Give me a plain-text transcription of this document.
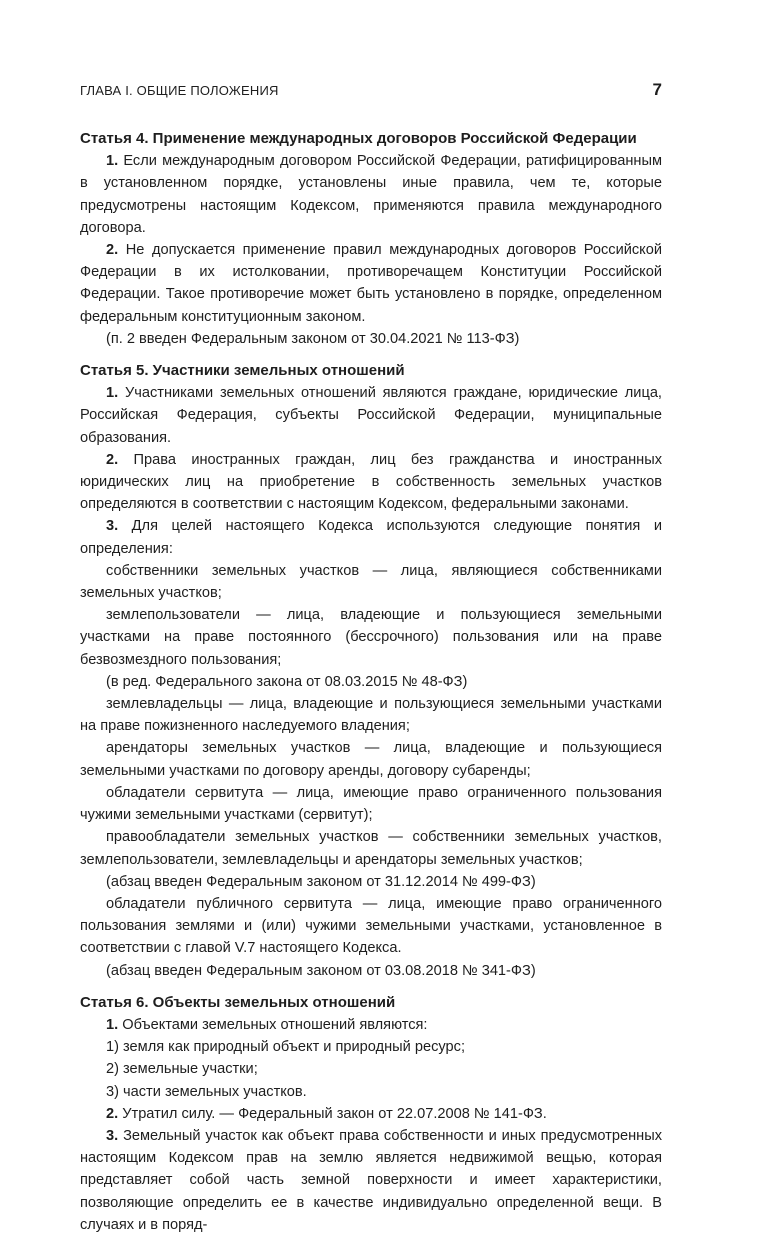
ГЛАВА I. ОБЩИЕ ПОЛОЖЕНИЯ	7
Статья 4. Применение международных договоров Российской Федерации

1. Если международным договором Российской Федерации, ратифицированным в установленном порядке, установлены иные правила, чем те, которые предусмотрены настоящим Кодексом, применяются правила международного договора.

2. Не допускается применение правил международных договоров Российской Федерации в их истолковании, противоречащем Конституции Российской Федерации. Такое противоречие может быть установлено в порядке, определенном федеральным конституционным законом.

(п. 2 введен Федеральным законом от 30.04.2021 № 113-ФЗ)

Статья 5. Участники земельных отношений

1. Участниками земельных отношений являются граждане, юридические лица, Российская Федерация, субъекты Российской Федерации, муниципальные образования.

2. Права иностранных граждан, лиц без гражданства и иностранных юридических лиц на приобретение в собственность земельных участков определяются в соответствии с настоящим Кодексом, федеральными законами.

3. Для целей настоящего Кодекса используются следующие понятия и определения:

собственники земельных участков — лица, являющиеся собственниками земельных участков;

землепользователи — лица, владеющие и пользующиеся земельными участками на праве постоянного (бессрочного) пользования или на праве безвозмездного пользования;

(в ред. Федерального закона от 08.03.2015 № 48-ФЗ)

землевладельцы — лица, владеющие и пользующиеся земельными участками на праве пожизненного наследуемого владения;

арендаторы земельных участков — лица, владеющие и пользующиеся земельными участками по договору аренды, договору субаренды;

обладатели сервитута — лица, имеющие право ограниченного пользования чужими земельными участками (сервитут);

правообладатели земельных участков — собственники земельных участков, землепользователи, землевладельцы и арендаторы земельных участков;

(абзац введен Федеральным законом от 31.12.2014 № 499-ФЗ)

обладатели публичного сервитута — лица, имеющие право ограниченного пользования землями и (или) чужими земельными участками, установленное в соответствии с главой V.7 настоящего Кодекса.

(абзац введен Федеральным законом от 03.08.2018 № 341-ФЗ)

Статья 6. Объекты земельных отношений

1. Объектами земельных отношений являются:

1) земля как природный объект и природный ресурс;

2) земельные участки;

3) части земельных участков.

2. Утратил силу. — Федеральный закон от 22.07.2008 № 141-ФЗ.

3. Земельный участок как объект права собственности и иных предусмотренных настоящим Кодексом прав на землю является недвижимой вещью, которая представляет собой часть земной поверхности и имеет характеристики, позволяющие определить ее в качестве индивидуально определенной вещи. В случаях и в поряд-
